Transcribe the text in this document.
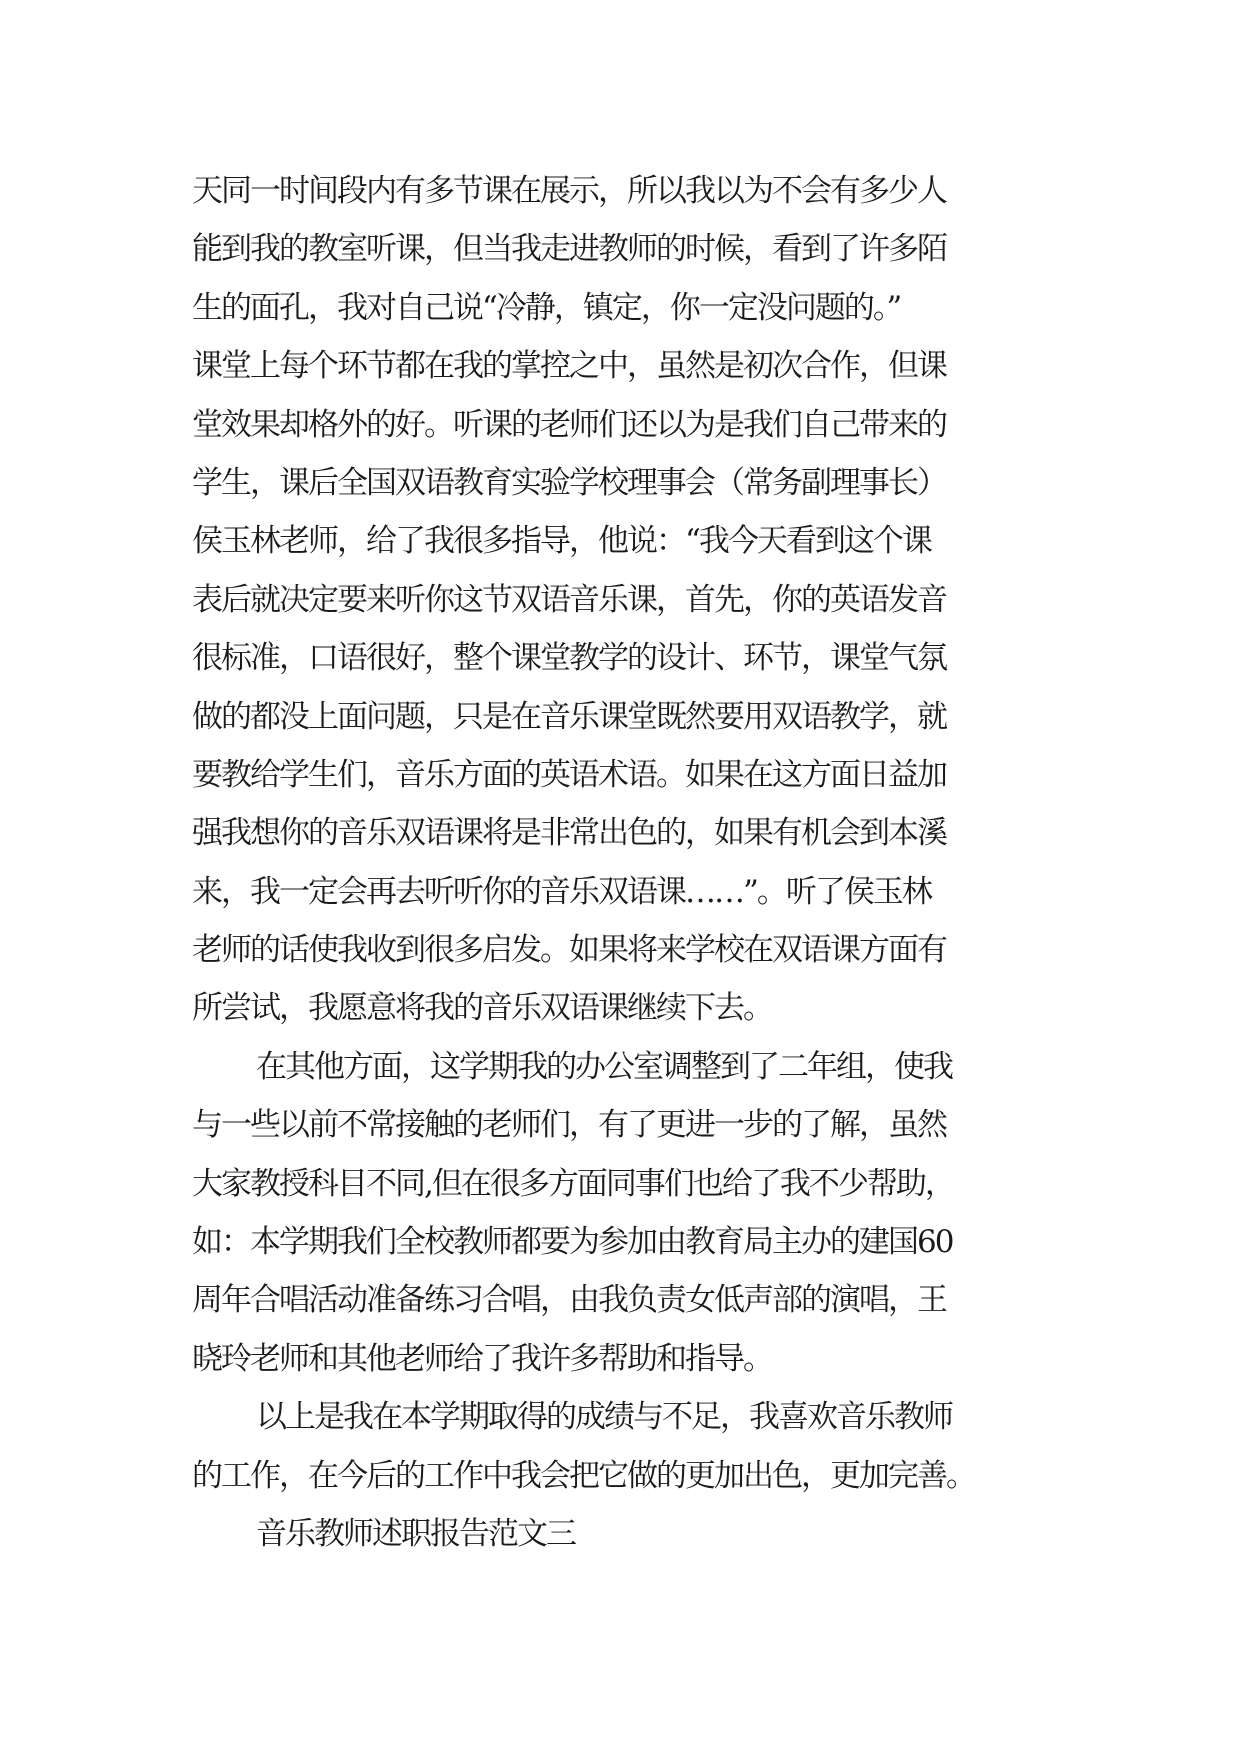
天同一时间段内有多节课在展示，所以我以为不会有多少人
能到我的教室听课，但当我走进教师的时候，看到了许多陌
生的面孔，我对自己说“冷静，镇定，你一定没问题的。”
课堂上每个环节都在我的掌控之中，虽然是初次合作，但课
堂效果却格外的好。听课的老师们还以为是我们自己带来的
学生，课后全国双语教育实验学校理事会（常务副理事长）
侯玉林老师，给了我很多指导，他说：“我今天看到这个课
表后就决定要来听你这节双语音乐课，首先，你的英语发音
很标准，口语很好，整个课堂教学的设计、环节，课堂气氛
做的都没上面问题，只是在音乐课堂既然要用双语教学，就
要教给学生们，音乐方面的英语术语。如果在这方面日益加
强我想你的音乐双语课将是非常出色的，如果有机会到本溪
来，我一定会再去听听你的音乐双语课……”。听了侯玉林
老师的话使我收到很多启发。如果将来学校在双语课方面有
所尝试，我愿意将我的音乐双语课继续下去。
在其他方面，这学期我的办公室调整到了二年组，使我
与一些以前不常接触的老师们，有了更进一步的了解，虽然
大家教授科目不同,但在很多方面同事们也给了我不少帮助，
如：本学期我们全校教师都要为参加由教育局主办的建国60
周年合唱活动准备练习合唱，由我负责女低声部的演唱，王
晓玲老师和其他老师给了我许多帮助和指导。
以上是我在本学期取得的成绩与不足，我喜欢音乐教师
的工作，在今后的工作中我会把它做的更加出色，更加完善。
音乐教师述职报告范文三
